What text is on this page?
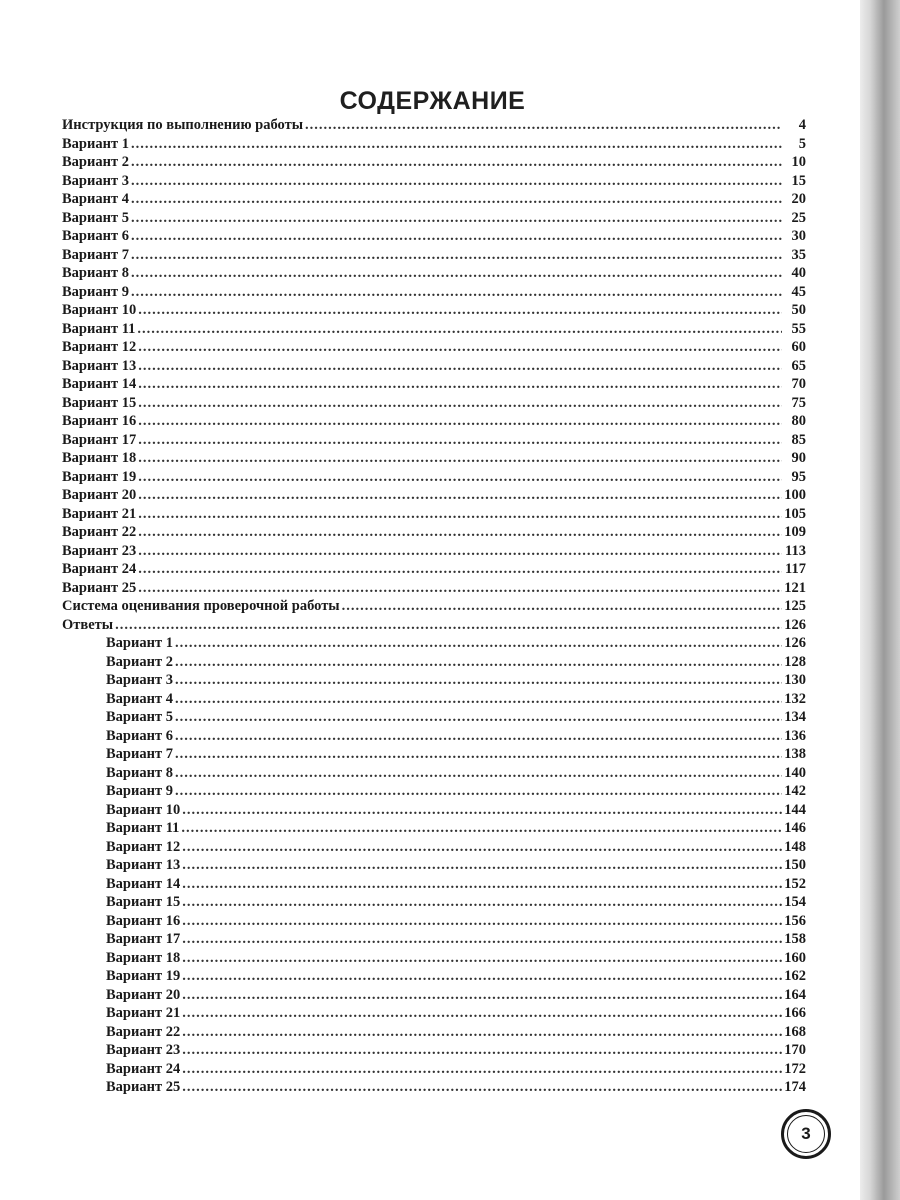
СОДЕРЖАНИЕ
Инструкция по выполнению работы .....	4
Вариант 1 .....	5
Вариант 2 .....	10
Вариант 3 .....	15
Вариант 4 .....	20
Вариант 5 .....	25
Вариант 6 .....	30
Вариант 7 .....	35
Вариант 8 .....	40
Вариант 9 .....	45
Вариант 10 .....	50
Вариант 11 .....	55
Вариант 12 .....	60
Вариант 13 .....	65
Вариант 14 .....	70
Вариант 15 .....	75
Вариант 16 .....	80
Вариант 17 .....	85
Вариант 18 .....	90
Вариант 19 .....	95
Вариант 20 .....	100
Вариант 21 .....	105
Вариант 22 .....	109
Вариант 23 .....	113
Вариант 24 .....	117
Вариант 25 .....	121
Система оценивания проверочной работы .....	125
Ответы .....	126
Вариант 1 .....	126
Вариант 2 .....	128
Вариант 3 .....	130
Вариант 4 .....	132
Вариант 5 .....	134
Вариант 6 .....	136
Вариант 7 .....	138
Вариант 8 .....	140
Вариант 9 .....	142
Вариант 10 .....	144
Вариант 11 .....	146
Вариант 12 .....	148
Вариант 13 .....	150
Вариант 14 .....	152
Вариант 15 .....	154
Вариант 16 .....	156
Вариант 17 .....	158
Вариант 18 .....	160
Вариант 19 .....	162
Вариант 20 .....	164
Вариант 21 .....	166
Вариант 22 .....	168
Вариант 23 .....	170
Вариант 24 .....	172
Вариант 25 .....	174
3
